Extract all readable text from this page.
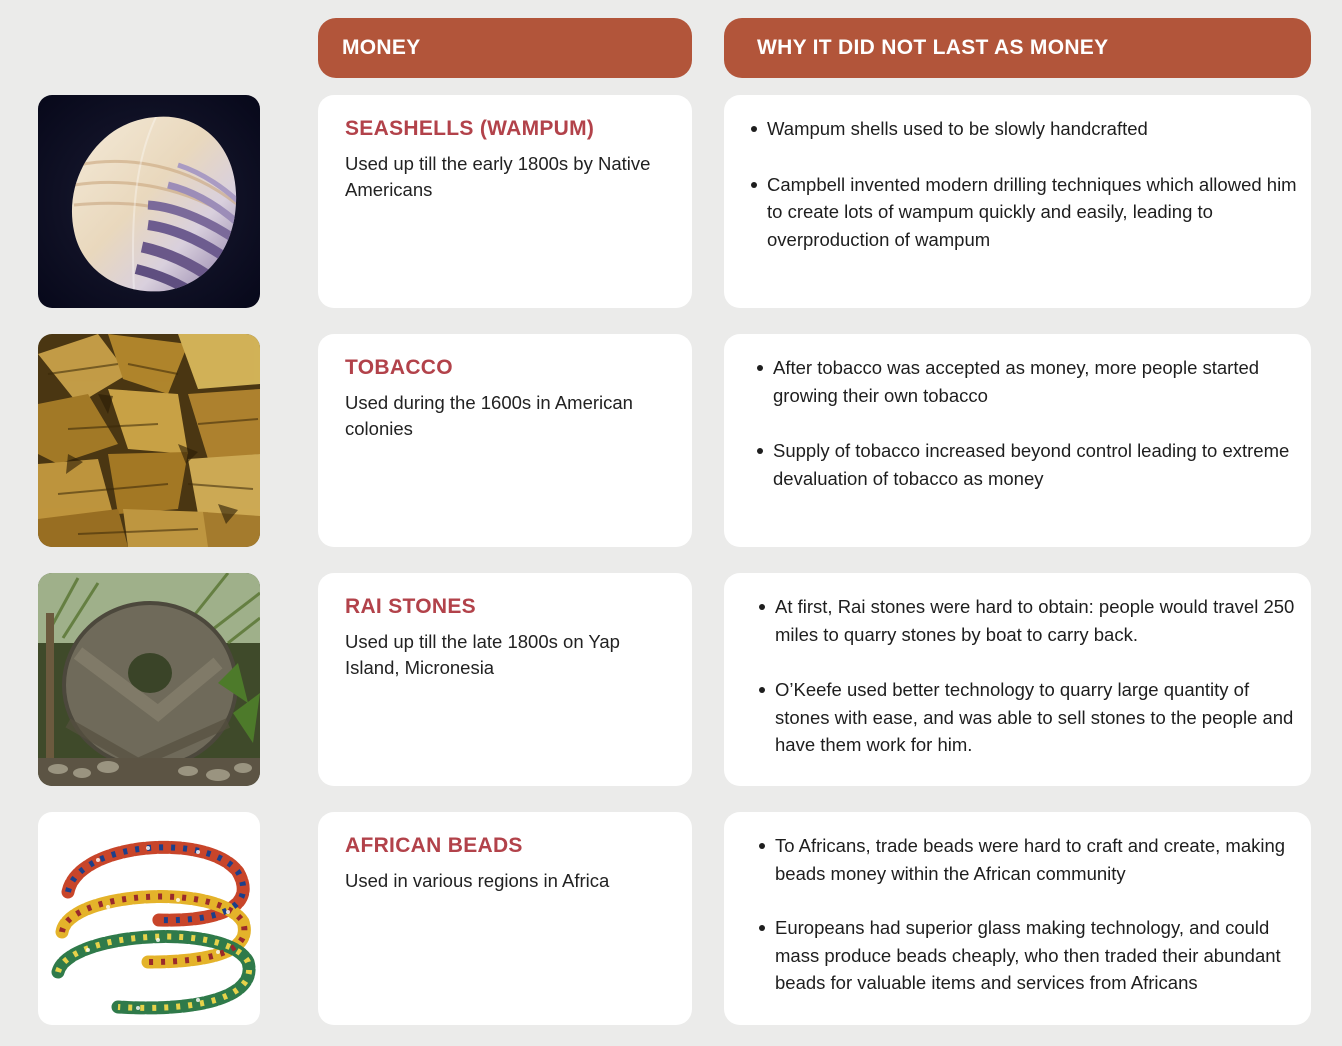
MONEY	WHY IT DID NOT LAST AS MONEY

SEASHELLS (WAMPUM)

Used up till the early 1800s by Native Americans

Wampum shells used to be slowly handcrafted
Campbell invented modern drilling techniques which allowed him to create lots of wampum quickly and easily, leading to overproduction of wampum

TOBACCO

Used during the 1600s in American colonies

After tobacco was accepted as money, more people started growing their own tobacco
Supply of tobacco increased beyond control leading to extreme devaluation of tobacco as money

RAI STONES

Used up till the late 1800s on Yap Island, Micronesia

At first, Rai stones were hard to obtain: people would travel 250 miles to quarry stones by boat to carry back.
O’Keefe used better technology to quarry large quantity of stones with ease, and was able to sell stones to the people and have them work for him.

AFRICAN BEADS

Used in various regions in Africa

To Africans, trade beads were hard to craft and create, making beads money within the African community
Europeans had superior glass making technology, and could mass produce beads cheaply, who then traded their abundant beads for valuable items and services from Africans
